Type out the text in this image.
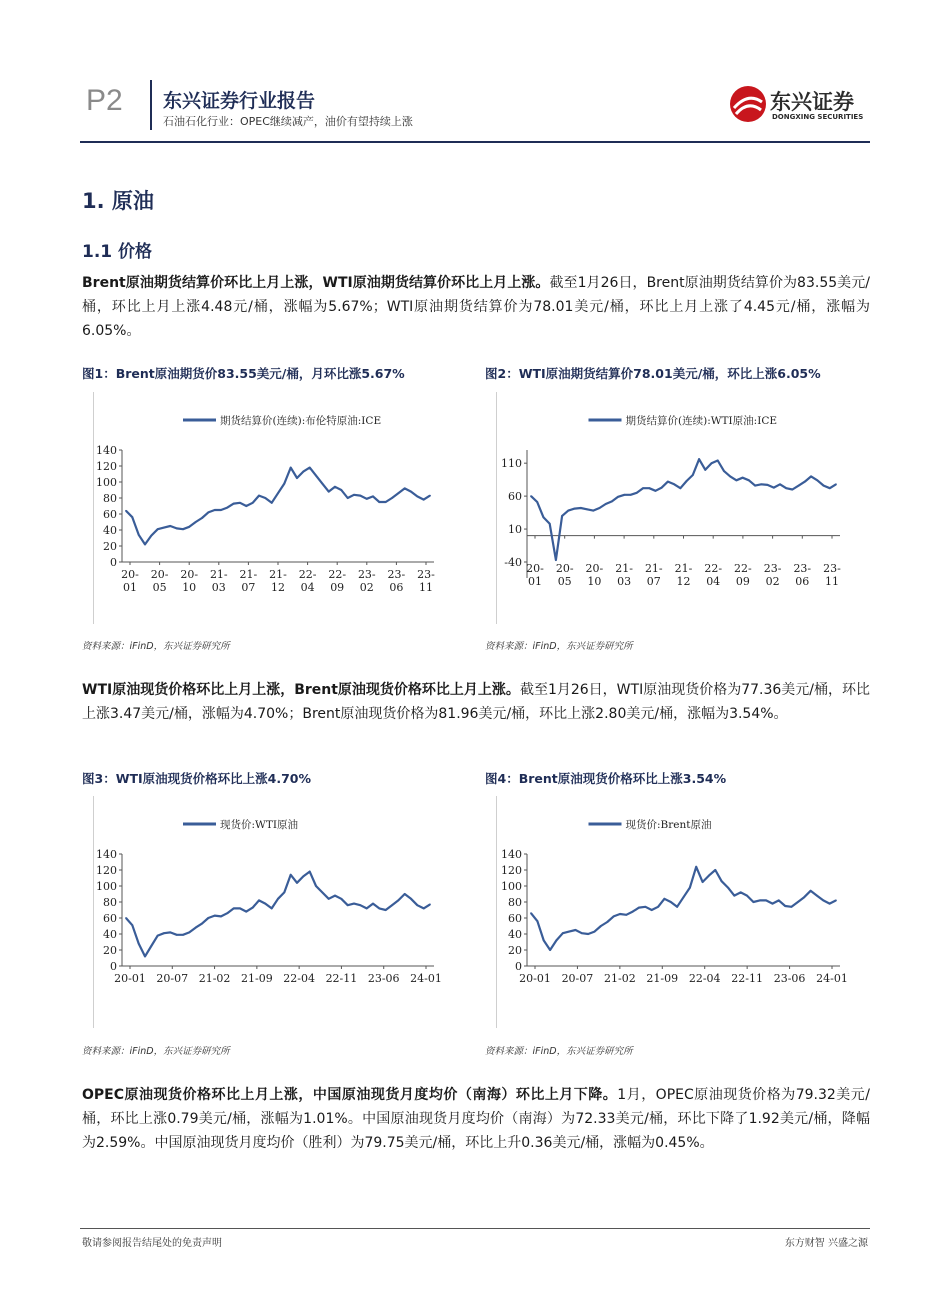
P2 东兴证券行业报告
石油石化行业：OPEC继续减产，油价有望持续上涨
东兴证券
DONGXING SECURITIES
1. 原油
1.1 价格
Brent原油期货结算价环比上月上涨，WTI原油期货结算价环比上月上涨。截至1月26日，Brent原油期货结算价为83.55美元/桶，环比上月上涨4.48元/桶，涨幅为5.67%；WTI原油期货结算价为78.01美元/桶，环比上月上涨了4.45元/桶，涨幅为6.05%。
图1：Brent原油期货价83.55美元/桶，月环比涨5.67%
期货结算价(连续):布伦特原油:ICE
0
20
40
60
80
100
120
140
20-
01
20-
05
20-
10
21-
03
21-
07
21-
12
22-
04
22-
09
23-
02
23-
06
23-
11
资料来源：iFinD，东兴证券研究所
图2：WTI原油期货结算价78.01美元/桶，环比上涨6.05%
期货结算价(连续):WTI原油:ICE
-40
10
60
110
20-
01
20-
05
20-
10
21-
03
21-
07
21-
12
22-
04
22-
09
23-
02
23-
06
23-
11
资料来源：iFinD，东兴证券研究所
WTI原油现货价格环比上月上涨，Brent原油现货价格环比上月上涨。截至1月26日，WTI原油现货价格为77.36美元/桶，环比上涨3.47美元/桶，涨幅为4.70%；Brent原油现货价格为81.96美元/桶，环比上涨2.80美元/桶，涨幅为3.54%。
图3：WTI原油现货价格环比上涨4.70%
现货价:WTI原油
0
20
40
60
80
100
120
140
20-01 20-07 21-02 21-09 22-04 22-11 23-06 24-01
资料来源：iFinD，东兴证券研究所
图4：Brent原油现货价格环比上涨3.54%
现货价:Brent原油
0
20
40
60
80
100
120
140
20-01 20-07 21-02 21-09 22-04 22-11 23-06 24-01
资料来源：iFinD，东兴证券研究所
OPEC原油现货价格环比上月上涨，中国原油现货月度均价（南海）环比上月下降。1月，OPEC原油现货价格为79.32美元/桶，环比上涨0.79美元/桶，涨幅为1.01%。中国原油现货月度均价（南海）为72.33美元/桶，环比下降了1.92美元/桶，降幅为2.59%。中国原油现货月度均价（胜利）为79.75美元/桶，环比上升0.36美元/桶，涨幅为0.45%。
敬请参阅报告结尾处的免责声明	东方财智 兴盛之源
